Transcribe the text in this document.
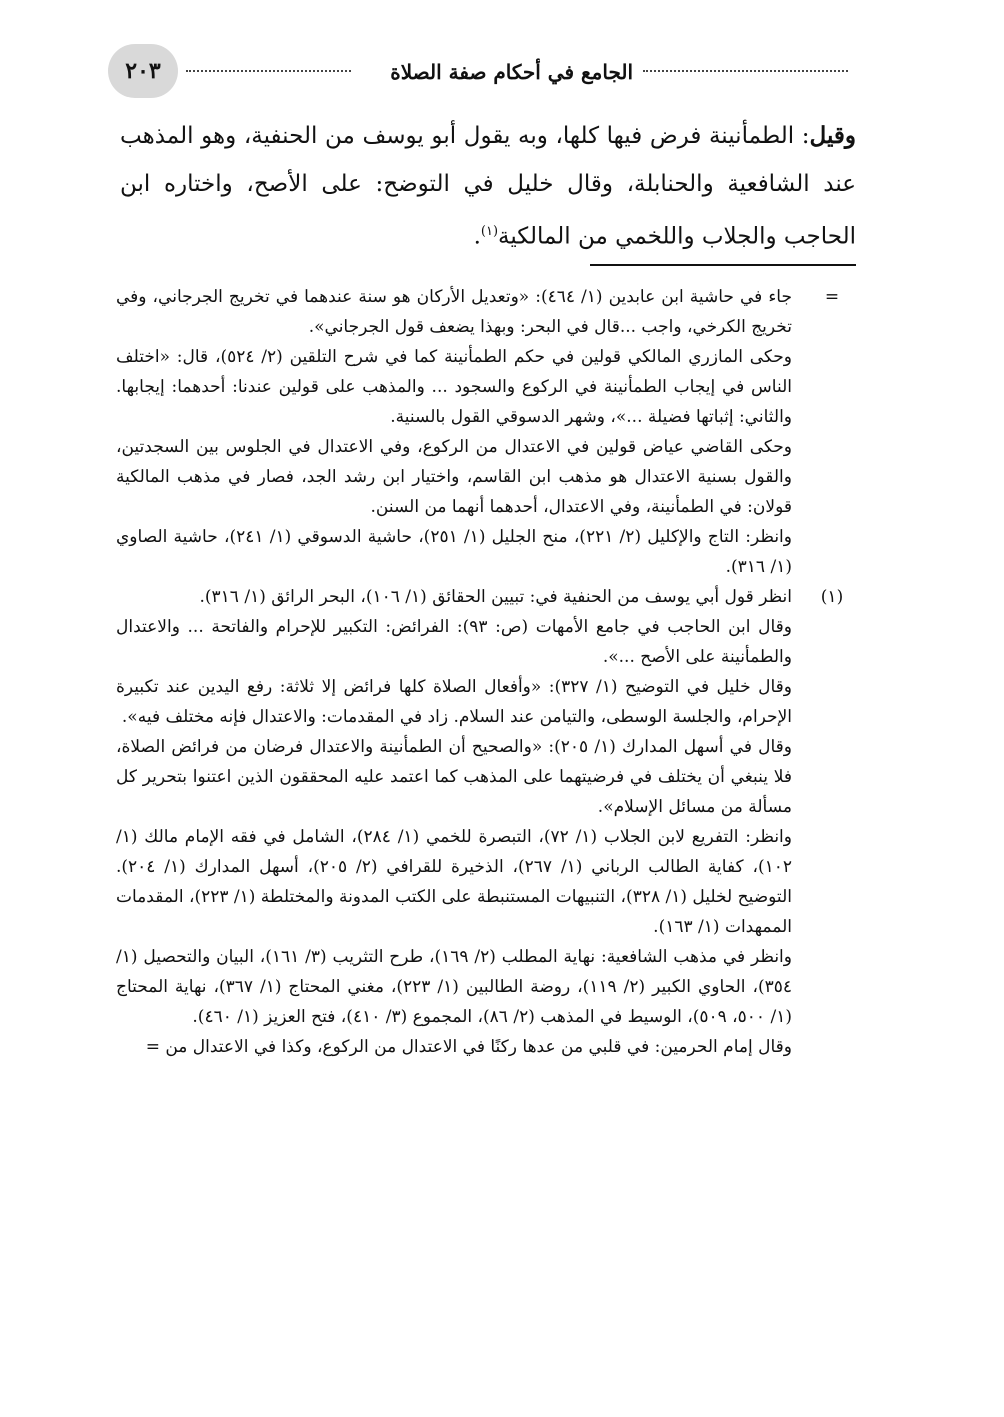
الجامع في أحكام صفة الصلاة
٢٠٣

وقيل: الطمأنينة فرض فيها كلها، وبه يقول أبو يوسف من الحنفية، وهو المذهب عند الشافعية والحنابلة، وقال خليل في التوضح: على الأصح، واختاره ابن الحاجب والجلاب واللخمي من المالكية$^{(١)}$.

=

جاء في حاشية ابن عابدين (١/ ٤٦٤): «وتعديل الأركان هو سنة عندهما في تخريج الجرجاني، وفي تخريج الكرخي، واجب ...قال في البحر: وبهذا يضعف قول الجرجاني».

وحكى المازري المالكي قولين في حكم الطمأنينة كما في شرح التلقين (٢/ ٥٢٤)، قال: «اختلف الناس في إيجاب الطمأنينة في الركوع والسجود ... والمذهب على قولين عندنا: أحدهما: إيجابها. والثاني: إثباتها فضيلة ...»، وشهر الدسوقي القول بالسنية.

وحكى القاضي عياض قولين في الاعتدال من الركوع، وفي الاعتدال في الجلوس بين السجدتين، والقول بسنية الاعتدال هو مذهب ابن القاسم، واختيار ابن رشد الجد، فصار في مذهب المالكية قولان: في الطمأنينة، وفي الاعتدال، أحدهما أنهما من السنن.

وانظر: التاج والإكليل (٢/ ٢٢١)، منح الجليل (١/ ٢٥١)، حاشية الدسوقي (١/ ٢٤١)، حاشية الصاوي (١/ ٣١٦).

(١)

انظر قول أبي يوسف من الحنفية في: تبيين الحقائق (١/ ١٠٦)، البحر الرائق (١/ ٣١٦).

وقال ابن الحاجب في جامع الأمهات (ص: ٩٣): الفرائض: التكبير للإحرام والفاتحة ... والاعتدال والطمأنينة على الأصح ...».

وقال خليل في التوضيح (١/ ٣٢٧): «وأفعال الصلاة كلها فرائض إلا ثلاثة: رفع اليدين عند تكبيرة الإحرام، والجلسة الوسطى، والتيامن عند السلام. زاد في المقدمات: والاعتدال فإنه مختلف فيه».

وقال في أسهل المدارك (١/ ٢٠٥): «والصحيح أن الطمأنينة والاعتدال فرضان من فرائض الصلاة، فلا ينبغي أن يختلف في فرضيتهما على المذهب كما اعتمد عليه المحققون الذين اعتنوا بتحرير كل مسألة من مسائل الإسلام».

وانظر: التفريع لابن الجلاب (١/ ٧٢)، التبصرة للخمي (١/ ٢٨٤)، الشامل في فقه الإمام مالك (١/ ١٠٢)، كفاية الطالب الرباني (١/ ٢٦٧)، الذخيرة للقرافي (٢/ ٢٠٥)، أسهل المدارك (١/ ٢٠٤). التوضيح لخليل (١/ ٣٢٨)، التنبيهات المستنبطة على الكتب المدونة والمختلطة (١/ ٢٢٣)، المقدمات الممهدات (١/ ١٦٣).

وانظر في مذهب الشافعية: نهاية المطلب (٢/ ١٦٩)، طرح التثريب (٣/ ١٦١)، البيان والتحصيل (١/ ٣٥٤)، الحاوي الكبير (٢/ ١١٩)، روضة الطالبين (١/ ٢٢٣)، مغني المحتاج (١/ ٣٦٧)، نهاية المحتاج (١/ ٥٠٠، ٥٠٩)، الوسيط في المذهب (٢/ ٨٦)، المجموع (٣/ ٤١٠)، فتح العزيز (١/ ٤٦٠).

وقال إمام الحرمين: في قلبي من عدها ركنًا في الاعتدال من الركوع، وكذا في الاعتدال من =
